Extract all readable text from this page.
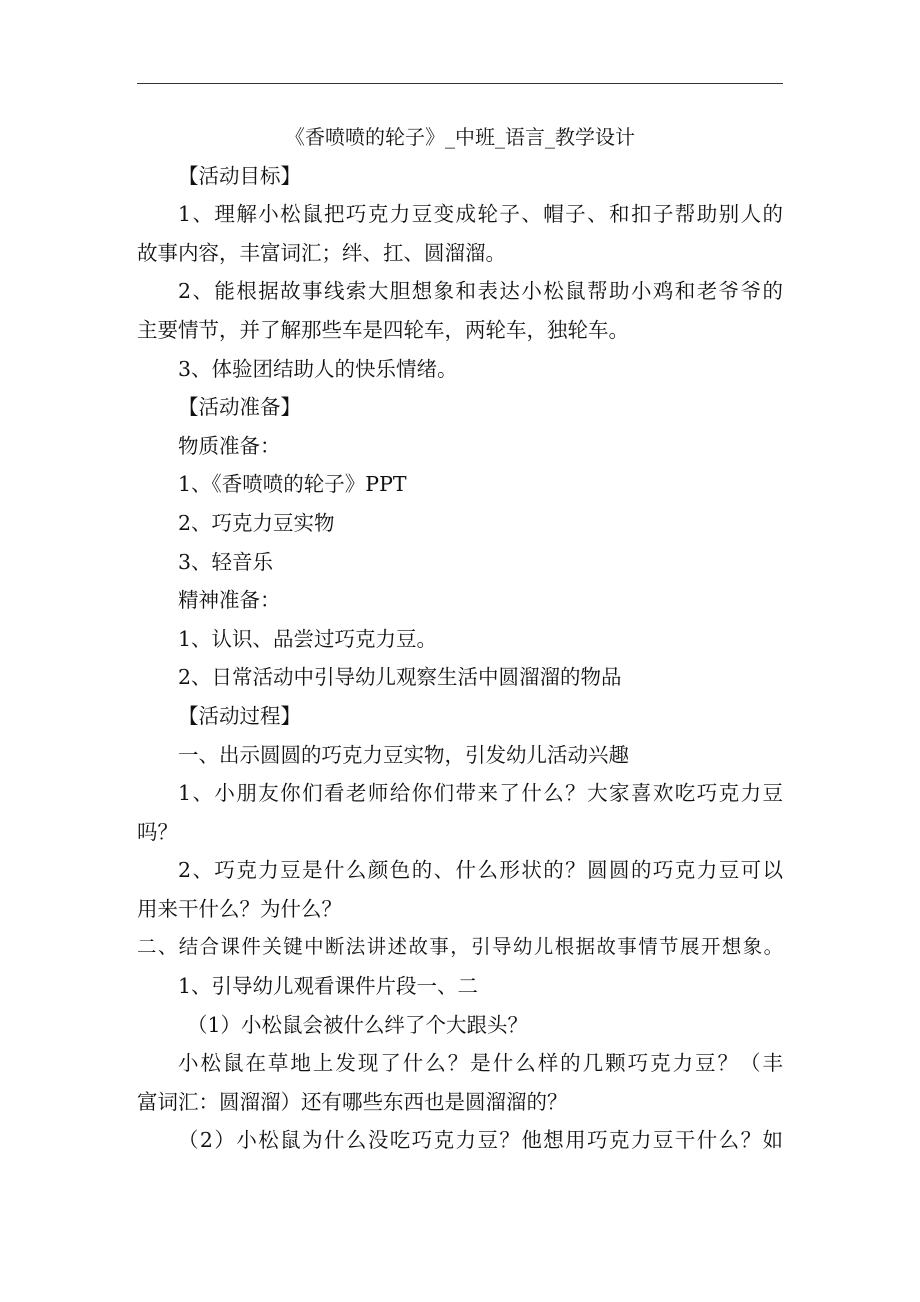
《香喷喷的轮子》_中班_语言_教学设计
【活动目标】
1、理解小松鼠把巧克力豆变成轮子、帽子、和扣子帮助别人的
故事内容，丰富词汇；绊、扛、圆溜溜。
2、能根据故事线索大胆想象和表达小松鼠帮助小鸡和老爷爷的
主要情节，并了解那些车是四轮车，两轮车，独轮车。
3、体验团结助人的快乐情绪。
【活动准备】
物质准备：
1、《香喷喷的轮子》PPT
2、巧克力豆实物
3、轻音乐
精神准备：
1、认识、品尝过巧克力豆。
2、日常活动中引导幼儿观察生活中圆溜溜的物品
【活动过程】
一、出示圆圆的巧克力豆实物，引发幼儿活动兴趣
1、小朋友你们看老师给你们带来了什么？大家喜欢吃巧克力豆
吗？
2、巧克力豆是什么颜色的、什么形状的？圆圆的巧克力豆可以
用来干什么？为什么？
二、结合课件关键中断法讲述故事，引导幼儿根据故事情节展开想象。
1、引导幼儿观看课件片段一、二
（1）小松鼠会被什么绊了个大跟头？
小松鼠在草地上发现了什么？是什么样的几颗巧克力豆？（丰
富词汇：圆溜溜）还有哪些东西也是圆溜溜的？
（2）小松鼠为什么没吃巧克力豆？他想用巧克力豆干什么？如
